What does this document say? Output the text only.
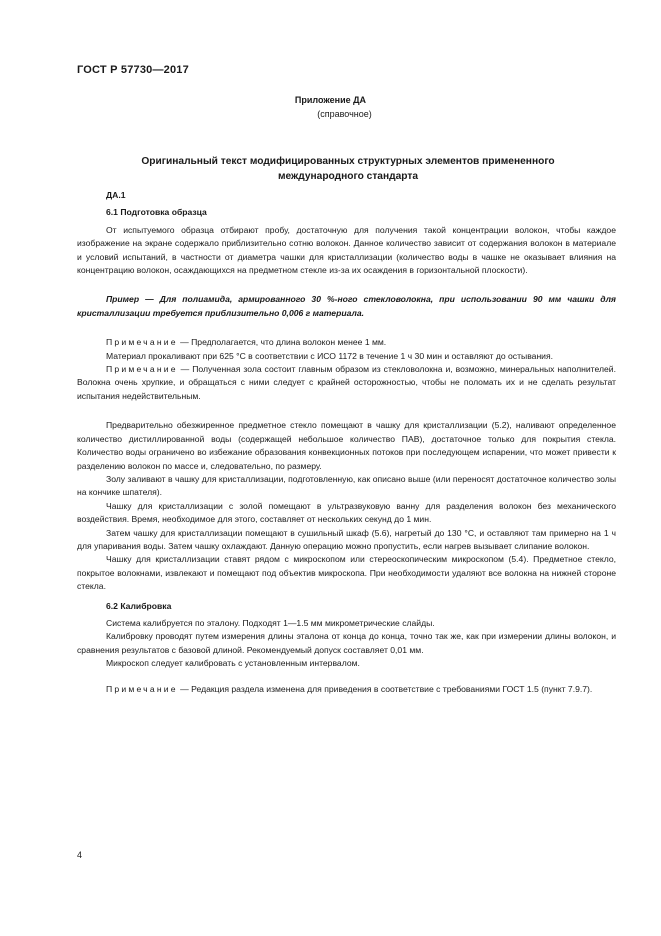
ГОСТ Р 57730—2017
Приложение ДА
(справочное)
Оригинальный текст модифицированных структурных элементов примененного международного стандарта

ДА.1

6.1 Подготовка образца

От испытуемого образца отбирают пробу, достаточную для получения такой концентрации волокон, чтобы каждое изображение на экране содержало приблизительно сотню волокон. Данное количество зависит от содержания волокон в материале и условий испытаний, в частности от диаметра чашки для кристаллизации (количество воды в чашке не оказывает влияния на концентрацию волокон, осаждающихся на предметном стекле из-за их осаждения в горизонтальной плоскости).

Пример — Для полиамида, армированного 30 %-ного стекловолокна, при использовании 90 мм чашки для кристаллизации требуется приблизительно 0,006 г материала.

Примечание — Предполагается, что длина волокон менее 1 мм.

Материал прокаливают при 625 °С в соответствии с ИСО 1172 в течение 1 ч 30 мин и оставляют до остывания.

Примечание — Полученная зола состоит главным образом из стекловолокна и, возможно, минеральных наполнителей. Волокна очень хрупкие, и обращаться с ними следует с крайней осторожностью, чтобы не поломать их и не сделать результат испытания недействительным.

Предварительно обезжиренное предметное стекло помещают в чашку для кристаллизации (5.2), наливают определенное количество дистиллированной воды (содержащей небольшое количество ПАВ), достаточное только для покрытия стекла. Количество воды ограничено во избежание образования конвекционных потоков при последующем испарении, что может привести к разделению волокон по массе и, следовательно, по размеру.

Золу заливают в чашку для кристаллизации, подготовленную, как описано выше (или переносят достаточное количество золы на кончике шпателя).

Чашку для кристаллизации с золой помещают в ультразвуковую ванну для разделения волокон без механического воздействия. Время, необходимое для этого, составляет от нескольких секунд до 1 мин.

Затем чашку для кристаллизации помещают в сушильный шкаф (5.6), нагретый до 130 °С, и оставляют там примерно на 1 ч для упаривания воды. Затем чашку охлаждают. Данную операцию можно пропустить, если нагрев вызывает слипание волокон.

Чашку для кристаллизации ставят рядом с микроскопом или стереоскопическим микроскопом (5.4). Предметное стекло, покрытое волокнами, извлекают и помещают под объектив микроскопа. При необходимости удаляют все волокна на нижней стороне стекла.

6.2 Калибровка

Система калибруется по эталону. Подходят 1—1.5 мм микрометрические слайды.

Калибровку проводят путем измерения длины эталона от конца до конца, точно так же, как при измерении длины волокон, и сравнения результатов с базовой длиной. Рекомендуемый допуск составляет 0,01 мм.

Микроскоп следует калибровать с установленным интервалом.

Примечание — Редакция раздела изменена для приведения в соответствие с требованиями ГОСТ 1.5 (пункт 7.9.7).

4
